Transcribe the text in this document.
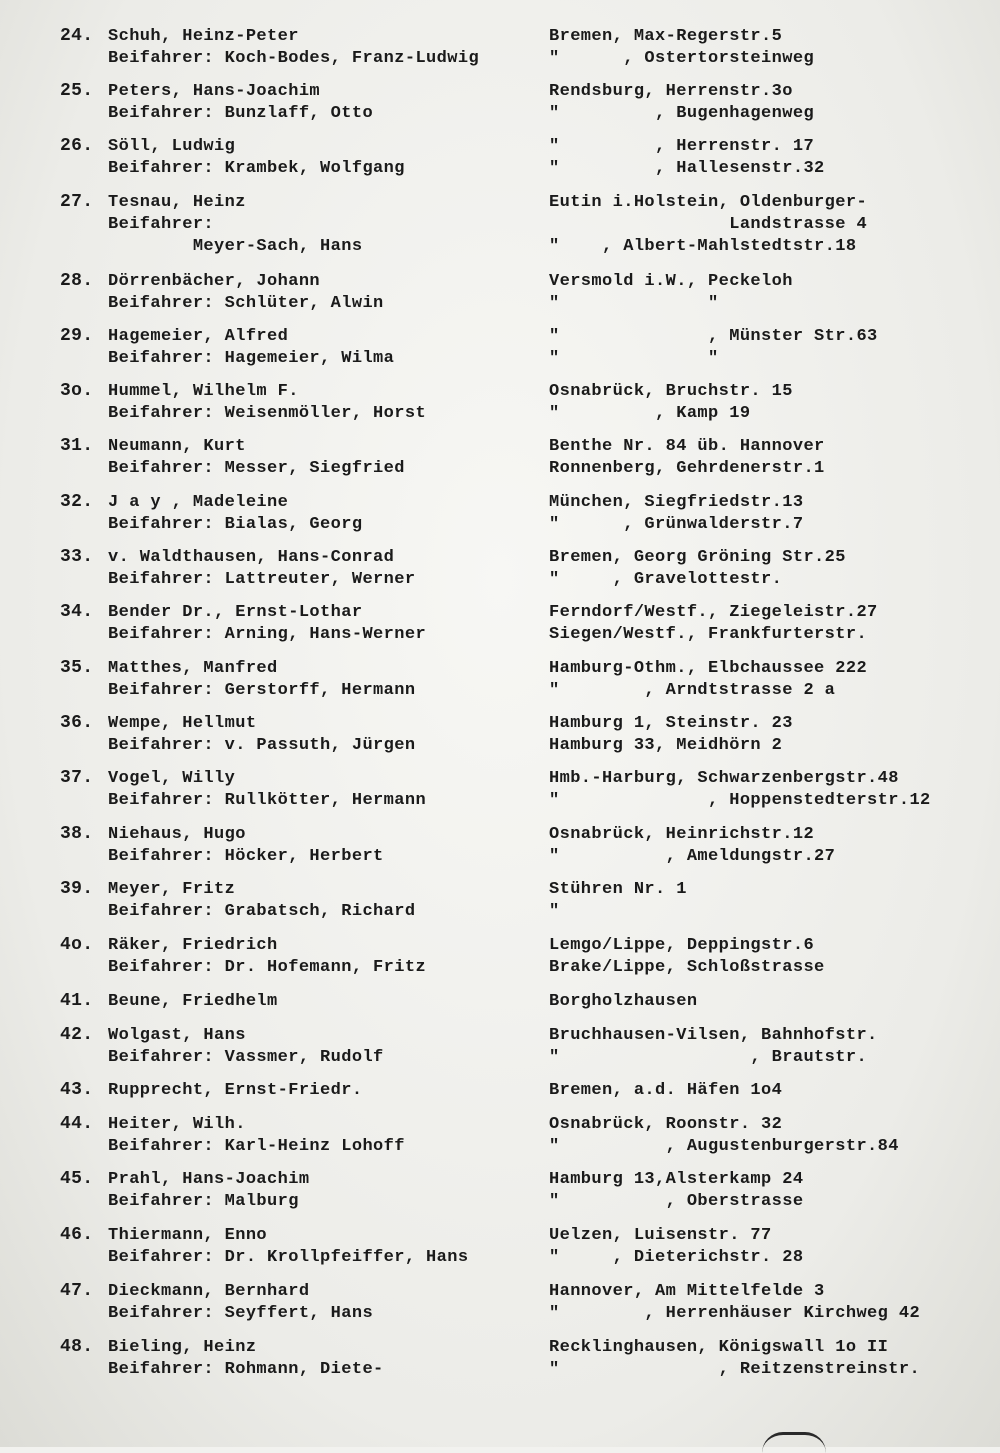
24. Schuh, Heinz-Peter
Beifahrer: Koch-Bodes, Franz-Ludwig
Bremen, Max-Regerstr.5
"      , Ostertorsteinweg
25. Peters, Hans-Joachim
Beifahrer: Bunzlaff, Otto
Rendsburg, Herrenstr.3o
"         , Bugenhagenweg
26. Söll, Ludwig
Beifahrer: Krambek, Wolfgang
"         , Herrenstr. 17
"         , Hallesenstr.32
27. Tesnau, Heinz
Beifahrer:
Meyer-Sach, Hans
Eutin i.Holstein, Oldenburger-
Landstrasse 4
"    , Albert-Mahlstedtstr.18
28. Dörrenbächer, Johann
Beifahrer: Schlüter, Alwin
Versmold i.W., Peckeloh
"              "
29. Hagemeier, Alfred
Beifahrer: Hagemeier, Wilma
"              , Münster Str.63
"              "
3o. Hummel, Wilhelm F.
Beifahrer: Weisenmöller, Horst
Osnabrück, Bruchstr. 15
"         , Kamp 19
31. Neumann, Kurt
Beifahrer: Messer, Siegfried
Benthe Nr. 84 üb. Hannover
Ronnenberg, Gehrdenerstr.1
32. J a y , Madeleine
Beifahrer: Bialas, Georg
München, Siegfriedstr.13
"      , Grünwalderstr.7
33. v. Waldthausen, Hans-Conrad
Beifahrer: Lattreuter, Werner
Bremen, Georg Gröning Str.25
"     , Gravelottestr.
34. Bender Dr., Ernst-Lothar
Beifahrer: Arning, Hans-Werner
Ferndorf/Westf., Ziegeleistr.27
Siegen/Westf., Frankfurterstr.
35. Matthes, Manfred
Beifahrer: Gerstorff, Hermann
Hamburg-Othm., Elbchaussee 222
"        , Arndtstrasse 2 a
36. Wempe, Hellmut
Beifahrer: v. Passuth, Jürgen
Hamburg 1, Steinstr. 23
Hamburg 33, Meidhörn 2
37. Vogel, Willy
Beifahrer: Rullkötter, Hermann
Hmb.-Harburg, Schwarzenbergstr.48
"              , Hoppenstedterstr.12
38. Niehaus, Hugo
Beifahrer: Höcker, Herbert
Osnabrück, Heinrichstr.12
"          , Ameldungstr.27
39. Meyer, Fritz
Beifahrer: Grabatsch, Richard
Stühren Nr. 1
"
4o. Räker, Friedrich
Beifahrer: Dr. Hofemann, Fritz
Lemgo/Lippe, Deppingstr.6
Brake/Lippe, Schloßstrasse
41. Beune, Friedhelm	Borgholzhausen
42. Wolgast, Hans
Beifahrer: Vassmer, Rudolf
Bruchhausen-Vilsen, Bahnhofstr.
"                  , Brautstr.
43. Rupprecht, Ernst-Friedr.	Bremen, a.d. Häfen 1o4
44. Heiter, Wilh.
Beifahrer: Karl-Heinz Lohoff
Osnabrück, Roonstr. 32
"          , Augustenburgerstr.84
45. Prahl, Hans-Joachim
Beifahrer: Malburg
Hamburg 13,Alsterkamp 24
"          , Oberstrasse
46. Thiermann, Enno
Beifahrer: Dr. Krollpfeiffer, Hans
Uelzen, Luisenstr. 77
"     , Dieterichstr. 28
47. Dieckmann, Bernhard
Beifahrer: Seyffert, Hans
Hannover, Am Mittelfelde 3
"        , Herrenhäuser Kirchweg 42
48. Bieling, Heinz
Beifahrer: Rohmann, Diete-
Recklinghausen, Königswall 1o II
"               , Reitzenstreinstr.
